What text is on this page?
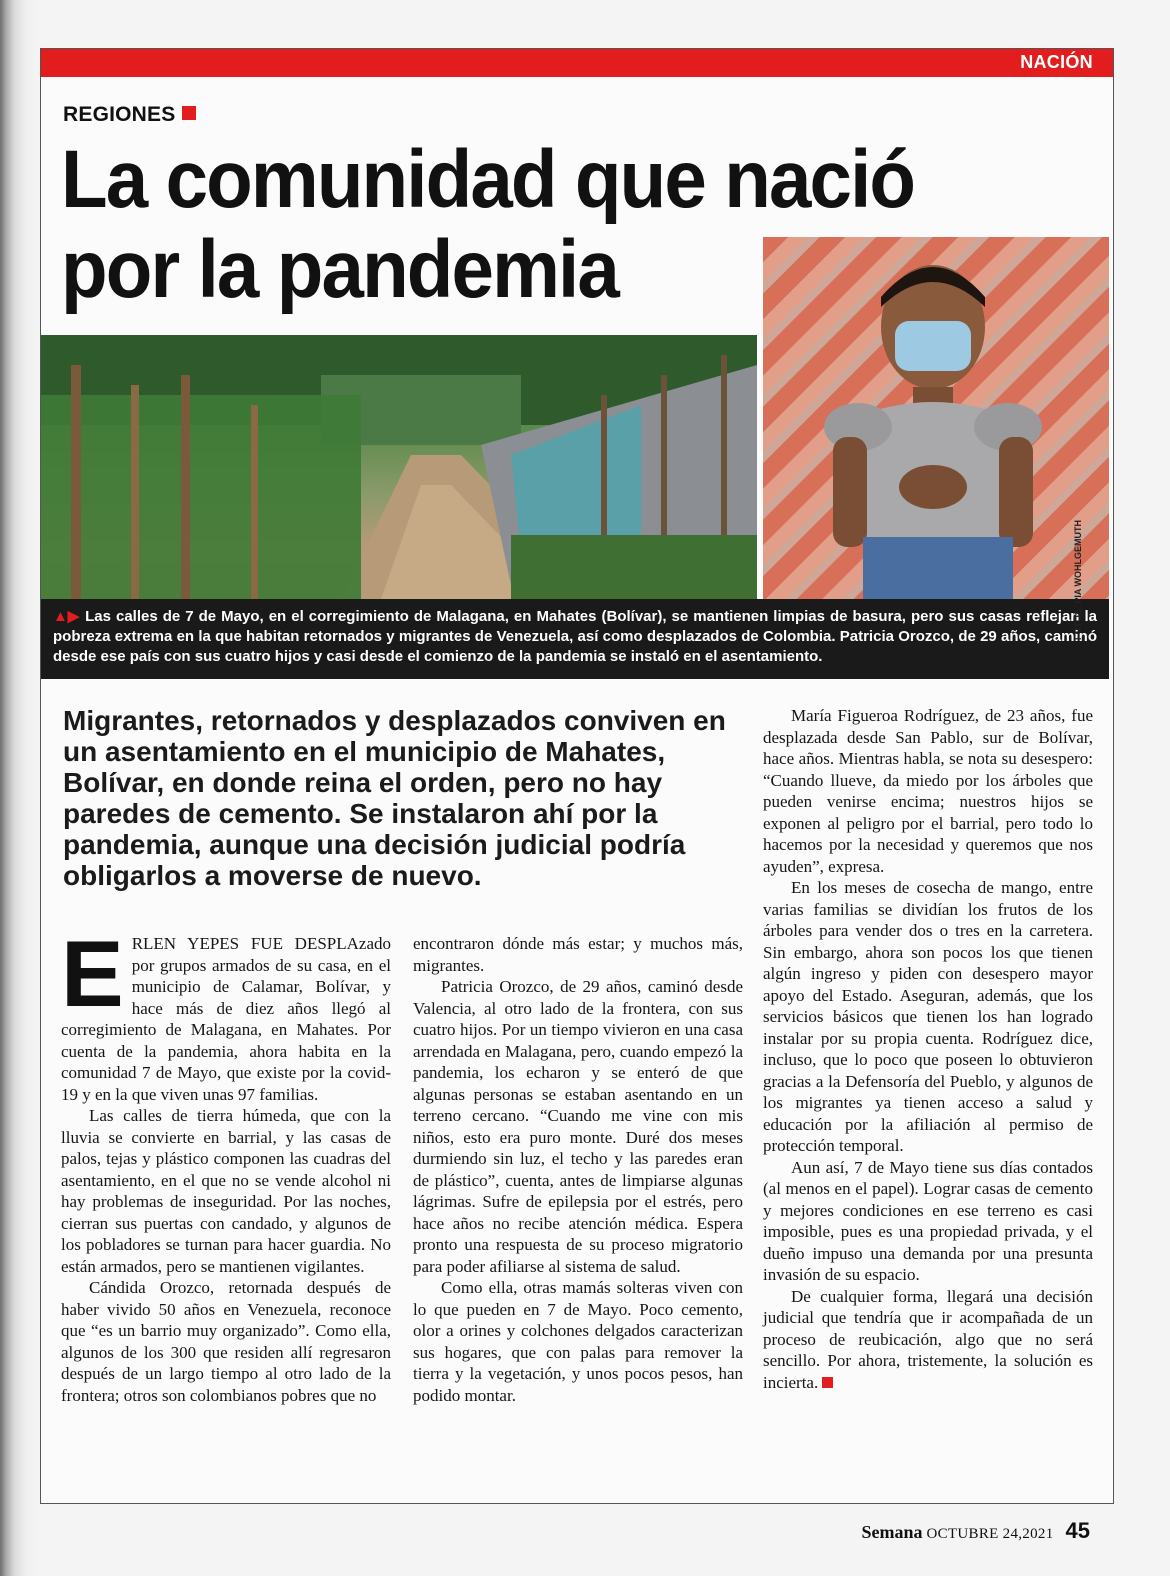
NACIÓN
REGIONES
La comunidad que nació por la pandemia
▲▶ Las calles de 7 de Mayo, en el corregimiento de Malagana, en Mahates (Bolívar), se mantienen limpias de basura, pero sus casas reflejan la pobreza extrema en la que habitan retornados y migrantes de Venezuela, así como desplazados de Colombia. Patricia Orozco, de 29 años, caminó desde ese país con sus cuatro hijos y casi desde el comienzo de la pandemia se instaló en el asentamiento.
Migrantes, retornados y desplazados conviven en un asentamiento en el municipio de Mahates, Bolívar, en donde reina el orden, pero no hay paredes de cemento. Se instalaron ahí por la pandemia, aunque una decisión judicial podría obligarlos a moverse de nuevo.

ERLEN YEPES FUE DESPLAzado por grupos armados de su casa, en el municipio de Calamar, Bolívar, y hace más de diez años llegó al corregimiento de Malagana, en Mahates. Por cuenta de la pandemia, ahora habita en la comunidad 7 de Mayo, que existe por la covid-19 y en la que viven unas 97 familias.

Las calles de tierra húmeda, que con la lluvia se convierte en barrial, y las casas de palos, tejas y plástico componen las cuadras del asentamiento, en el que no se vende alcohol ni hay problemas de inseguridad. Por las noches, cierran sus puertas con candado, y algunos de los pobladores se turnan para hacer guardia. No están armados, pero se mantienen vigilantes.

Cándida Orozco, retornada después de haber vivido 50 años en Venezuela, reconoce que “es un barrio muy organizado”. Como ella, algunos de los 300 que residen allí regresaron después de un largo tiempo al otro lado de la frontera; otros son colombianos pobres que no

encontraron dónde más estar; y muchos más, migrantes.

Patricia Orozco, de 29 años, caminó desde Valencia, al otro lado de la frontera, con sus cuatro hijos. Por un tiempo vivieron en una casa arrendada en Malagana, pero, cuando empezó la pandemia, los echaron y se enteró de que algunas personas se estaban asentando en un terreno cercano. “Cuando me vine con mis niños, esto era puro monte. Duré dos meses durmiendo sin luz, el techo y las paredes eran de plástico”, cuenta, antes de limpiarse algunas lágrimas. Sufre de epilepsia por el estrés, pero hace años no recibe atención médica. Espera pronto una respuesta de su proceso migratorio para poder afiliarse al sistema de salud.

Como ella, otras mamás solteras viven con lo que pueden en 7 de Mayo. Poco cemento, olor a orines y colchones delgados caracterizan sus hogares, que con palas para remover la tierra y la vegetación, y unos pocos pesos, han podido montar.

María Figueroa Rodríguez, de 23 años, fue desplazada desde San Pablo, sur de Bolívar, hace años. Mientras habla, se nota su desespero: “Cuando llueve, da miedo por los árboles que pueden venirse encima; nuestros hijos se exponen al peligro por el barrial, pero todo lo hacemos por la necesidad y queremos que nos ayuden”, expresa.

En los meses de cosecha de mango, entre varias familias se dividían los frutos de los árboles para vender dos o tres en la carretera. Sin embargo, ahora son pocos los que tienen algún ingreso y piden con desespero mayor apoyo del Estado. Aseguran, además, que los servicios básicos que tienen los han logrado instalar por su propia cuenta. Rodríguez dice, incluso, que lo poco que poseen lo obtuvieron gracias a la Defensoría del Pueblo, y algunos de los migrantes ya tienen acceso a salud y educación por la afiliación al permiso de protección temporal.

Aun así, 7 de Mayo tiene sus días contados (al menos en el papel). Lograr casas de cemento y mejores condiciones en ese terreno es casi imposible, pues es una propiedad privada, y el dueño impuso una demanda por una presunta invasión de su espacio.

De cualquier forma, llegará una decisión judicial que tendría que ir acompañada de un proceso de reubicación, algo que no será sencillo. Por ahora, tristemente, la solución es incierta.

FOTOS: PIA WOHLGEMUTH
Semana OCTUBRE 24,2021 45
